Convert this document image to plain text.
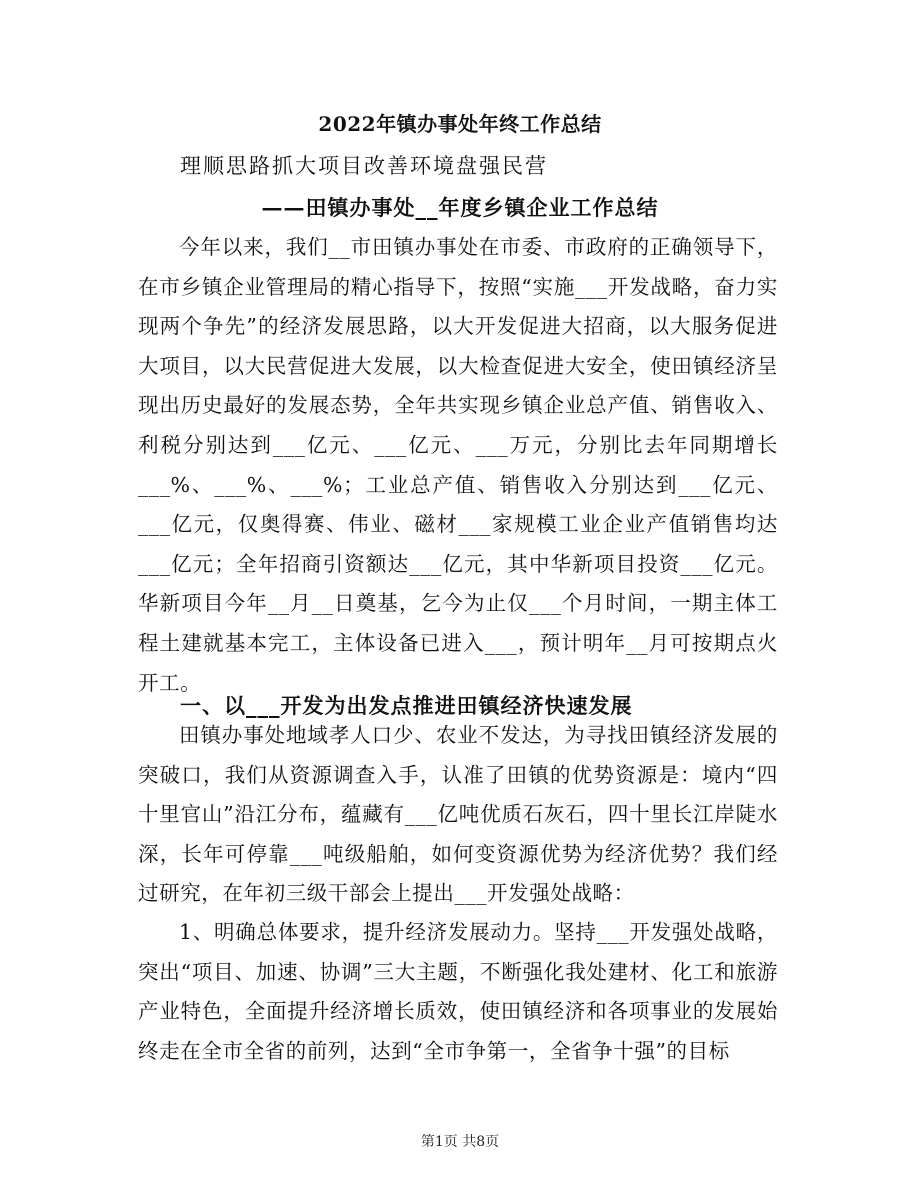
2022年镇办事处年终工作总结
理顺思路抓大项目改善环境盘强民营
——田镇办事处__年度乡镇企业工作总结

今年以来，我们__市田镇办事处在市委、市政府的正确领导下，在市乡镇企业管理局的精心指导下，按照“实施___开发战略，奋力实现两个争先”的经济发展思路，以大开发促进大招商，以大服务促进大项目，以大民营促进大发展，以大检查促进大安全，使田镇经济呈现出历史最好的发展态势，全年共实现乡镇企业总产值、销售收入、利税分别达到___亿元、___亿元、___万元，分别比去年同期增长___%、___%、___%；工业总产值、销售收入分别达到___亿元、___亿元，仅奥得赛、伟业、磁材___家规模工业企业产值销售均达___亿元；全年招商引资额达___亿元，其中华新项目投资___亿元。华新项目今年__月__日奠基，乞今为止仅___个月时间，一期主体工程土建就基本完工，主体设备已进入___，预计明年__月可按期点火开工。

一、以___开发为出发点推进田镇经济快速发展

田镇办事处地域孝人口少、农业不发达，为寻找田镇经济发展的突破口，我们从资源调查入手，认准了田镇的优势资源是：境内“四十里官山”沿江分布，蕴藏有___亿吨优质石灰石，四十里长江岸陡水深，长年可停靠___吨级船舶，如何变资源优势为经济优势？我们经过研究，在年初三级干部会上提出___开发强处战略：

1、明确总体要求，提升经济发展动力。坚持___开发强处战略，突出“项目、加速、协调”三大主题，不断强化我处建材、化工和旅游产业特色，全面提升经济增长质效，使田镇经济和各项事业的发展始终走在全市全省的前列，达到“全市争第一，全省争十强”的目标

第1页 共8页
